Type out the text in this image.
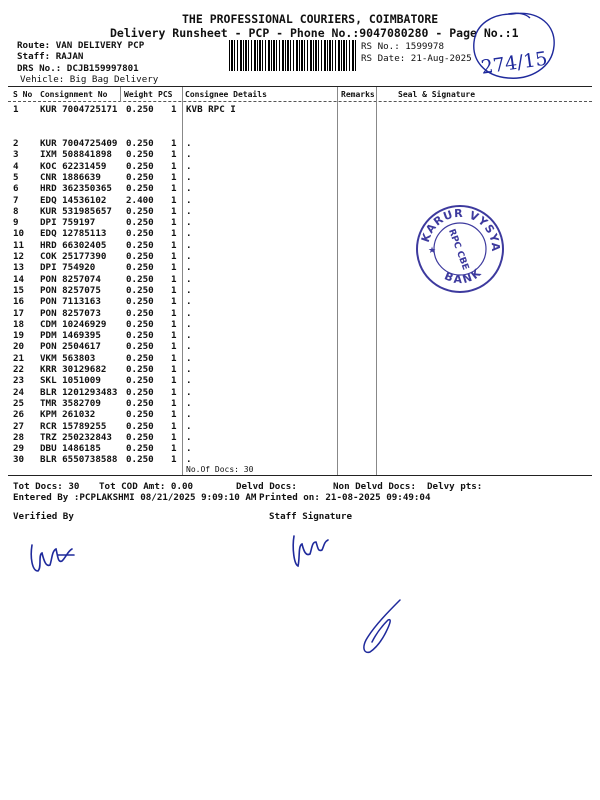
THE PROFESSIONAL COURIERS, COIMBATORE
Delivery Runsheet - PCP - Phone No.:9047080280 - Page No.:1
Route: VAN DELIVERY PCP
Staff: RAJAN
DRS No.: DCJB159997801
Vehicle: Big Bag Delivery
RS No.: 1599978
RS Date: 21-Aug-2025 274/15
S No Consignment No Weight PCS Consignee Details	Remarks	Seal & Signature
1 KUR 7004725171 0.250 1 KVB RPC I
2 KUR 7004725409 0.250 1 .
3 IXM 508841898 0.250 1 .
4 KOC 62231459 0.250 1 .
5 CNR 1886639	0.250 1 .
6 HRD 362350365 0.250 1 .
7 EDQ 14536102 2.400 1 .
8 KUR 531985657 0.250 1 .
9 DPI 759197	0.250 1 .
10 EDQ 12785113 0.250 1 .
11 HRD 66302405 0.250 1 .
12 COK 25177390 0.250 1 .
13 DPI 754920	0.250 1 .
14 PON 8257074	0.250 1 .
15 PON 8257075	0.250 1 .
16 PON 7113163	0.250 1 .
17 PON 8257073	0.250 1 .
18 CDM 10246929 0.250 1 .
19 PDM 1469395	0.250 1 .
20 PON 2504617	0.250 1 .
21 VKM 563803	0.250 1 .
22 KRR 30129682 0.250 1 .
23 SKL 1051009	0.250 1 .
24 BLR 1201293483 0.250 1 .
25 TMR 3582709	0.250 1 .
26 KPM 261032	0.250 1 .
27 RCR 15789255 0.250 1 .
28 TRZ 250232843 0.250 1 .
29 DBU 1486185	0.250 1 .
30 BLR 6550738588 0.250 1 .
No.Of Docs: 30
KARUR VYSYA
BANK
RPC CBE
★
Tot Docs: 30 Tot COD Amt: 0.00	Delvd Docs:	Non Delvd Docs: Delvy pts:
Entered By :PCPLAKSHMI 08/21/2025 9:09:10 AM Printed on: 21-08-2025 09:49:04
Verified By	Staff Signature
